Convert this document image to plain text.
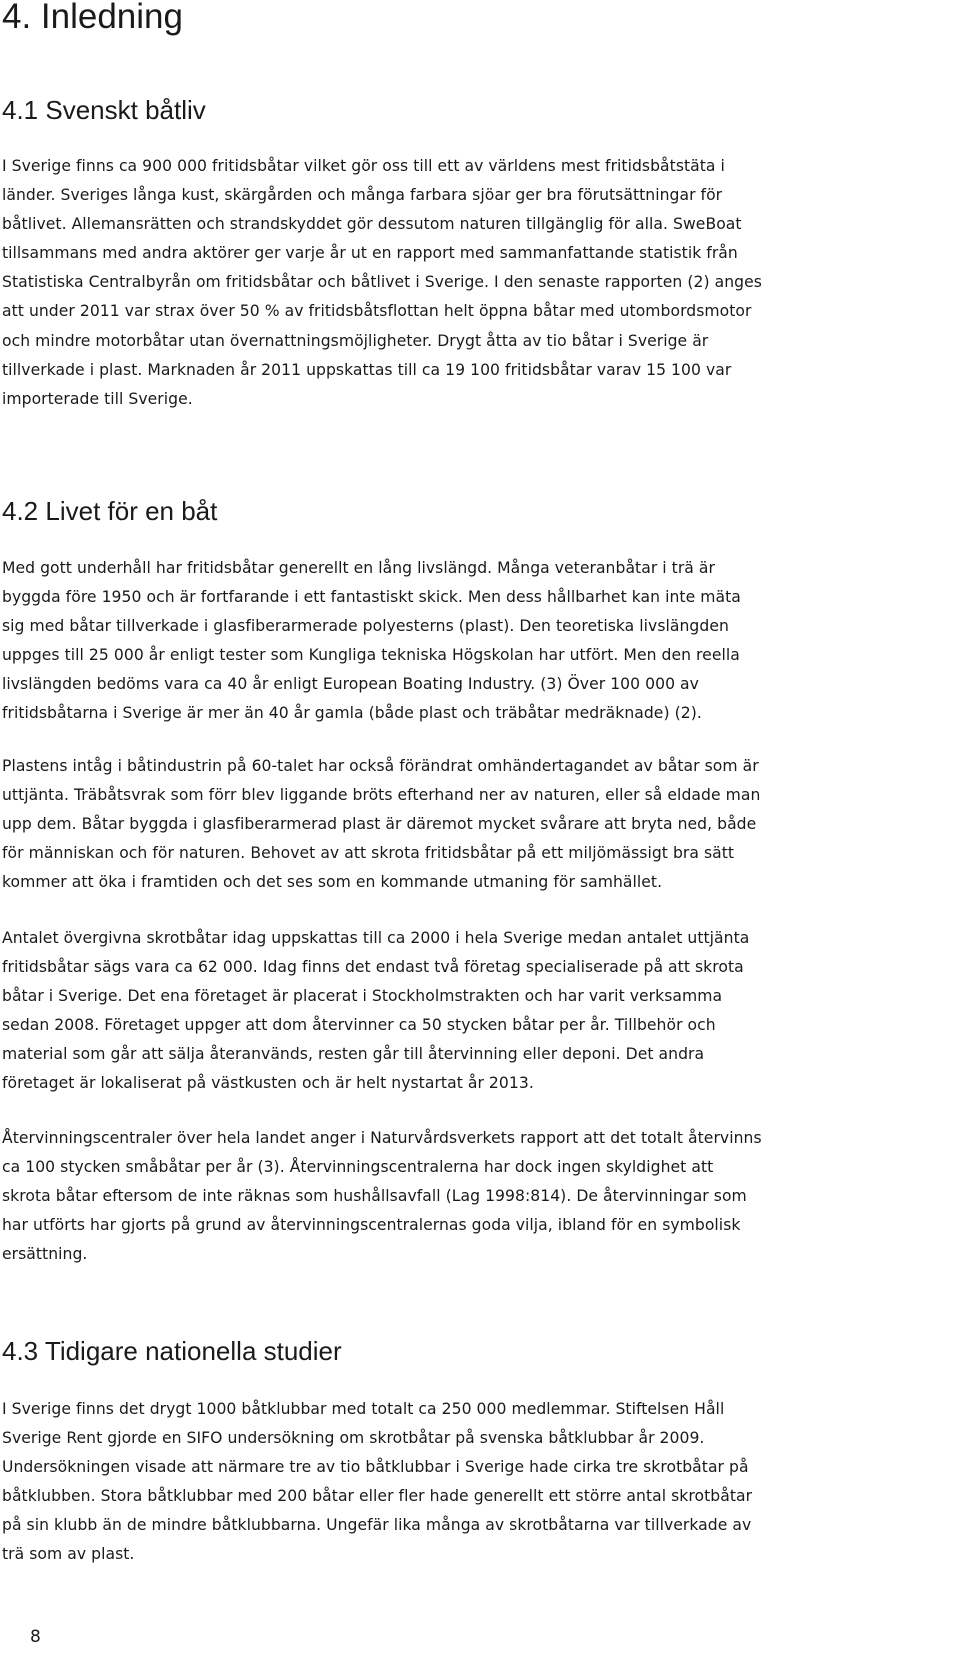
4. Inledning
4.1 Svenskt båtliv
I Sverige finns ca 900 000 fritidsbåtar vilket gör oss till ett av världens mest fritidsbåtstäta i
länder. Sveriges långa kust, skärgården och många farbara sjöar ger bra förutsättningar för
båtlivet. Allemansrätten och strandskyddet gör dessutom naturen tillgänglig för alla. SweBoat
tillsammans med andra aktörer ger varje år ut en rapport med sammanfattande statistik från
Statistiska Centralbyrån om fritidsbåtar och båtlivet i Sverige. I den senaste rapporten (2) anges
att under 2011 var strax över 50 % av fritidsbåtsflottan helt öppna båtar med utombordsmotor
och mindre motorbåtar utan övernattningsmöjligheter. Drygt åtta av tio båtar i Sverige är
tillverkade i plast. Marknaden år 2011 uppskattas till ca 19 100 fritidsbåtar varav 15 100 var
importerade till Sverige.
4.2 Livet för en båt
Med gott underhåll har fritidsbåtar generellt en lång livslängd. Många veteranbåtar i trä är
byggda före 1950 och är fortfarande i ett fantastiskt skick. Men dess hållbarhet kan inte mäta
sig med båtar tillverkade i glasfiberarmerade polyesterns (plast). Den teoretiska livslängden
uppges till 25 000 år enligt tester som Kungliga tekniska Högskolan har utfört. Men den reella
livslängden bedöms vara ca 40 år enligt European Boating Industry. (3) Över 100 000 av
fritidsbåtarna i Sverige är mer än 40 år gamla (både plast och träbåtar medräknade) (2).
Plastens intåg i båtindustrin på 60-talet har också förändrat omhändertagandet av båtar som är
uttjänta. Träbåtsvrak som förr blev liggande bröts efterhand ner av naturen, eller så eldade man
upp dem. Båtar byggda i glasfiberarmerad plast är däremot mycket svårare att bryta ned, både
för människan och för naturen. Behovet av att skrota fritidsbåtar på ett miljömässigt bra sätt
kommer att öka i framtiden och det ses som en kommande utmaning för samhället.
Antalet övergivna skrotbåtar idag uppskattas till ca 2000 i hela Sverige medan antalet uttjänta
fritidsbåtar sägs vara ca 62 000. Idag finns det endast två företag specialiserade på att skrota
båtar i Sverige. Det ena företaget är placerat i Stockholmstrakten och har varit verksamma
sedan 2008. Företaget uppger att dom återvinner ca 50 stycken båtar per år. Tillbehör och
material som går att sälja återanvänds, resten går till återvinning eller deponi. Det andra
företaget är lokaliserat på västkusten och är helt nystartat år 2013.
Återvinningscentraler över hela landet anger i Naturvårdsverkets rapport att det totalt återvinns
ca 100 stycken småbåtar per år (3). Återvinningscentralerna har dock ingen skyldighet att
skrota båtar eftersom de inte räknas som hushållsavfall (Lag 1998:814). De återvinningar som
har utförts har gjorts på grund av återvinningscentralernas goda vilja, ibland för en symbolisk
ersättning.
4.3 Tidigare nationella studier
I Sverige finns det drygt 1000 båtklubbar med totalt ca 250 000 medlemmar. Stiftelsen Håll
Sverige Rent gjorde en SIFO undersökning om skrotbåtar på svenska båtklubbar år 2009.
Undersökningen visade att närmare tre av tio båtklubbar i Sverige hade cirka tre skrotbåtar på
båtklubben. Stora båtklubbar med 200 båtar eller fler hade generellt ett större antal skrotbåtar
på sin klubb än de mindre båtklubbarna. Ungefär lika många av skrotbåtarna var tillverkade av
trä som av plast.
8
